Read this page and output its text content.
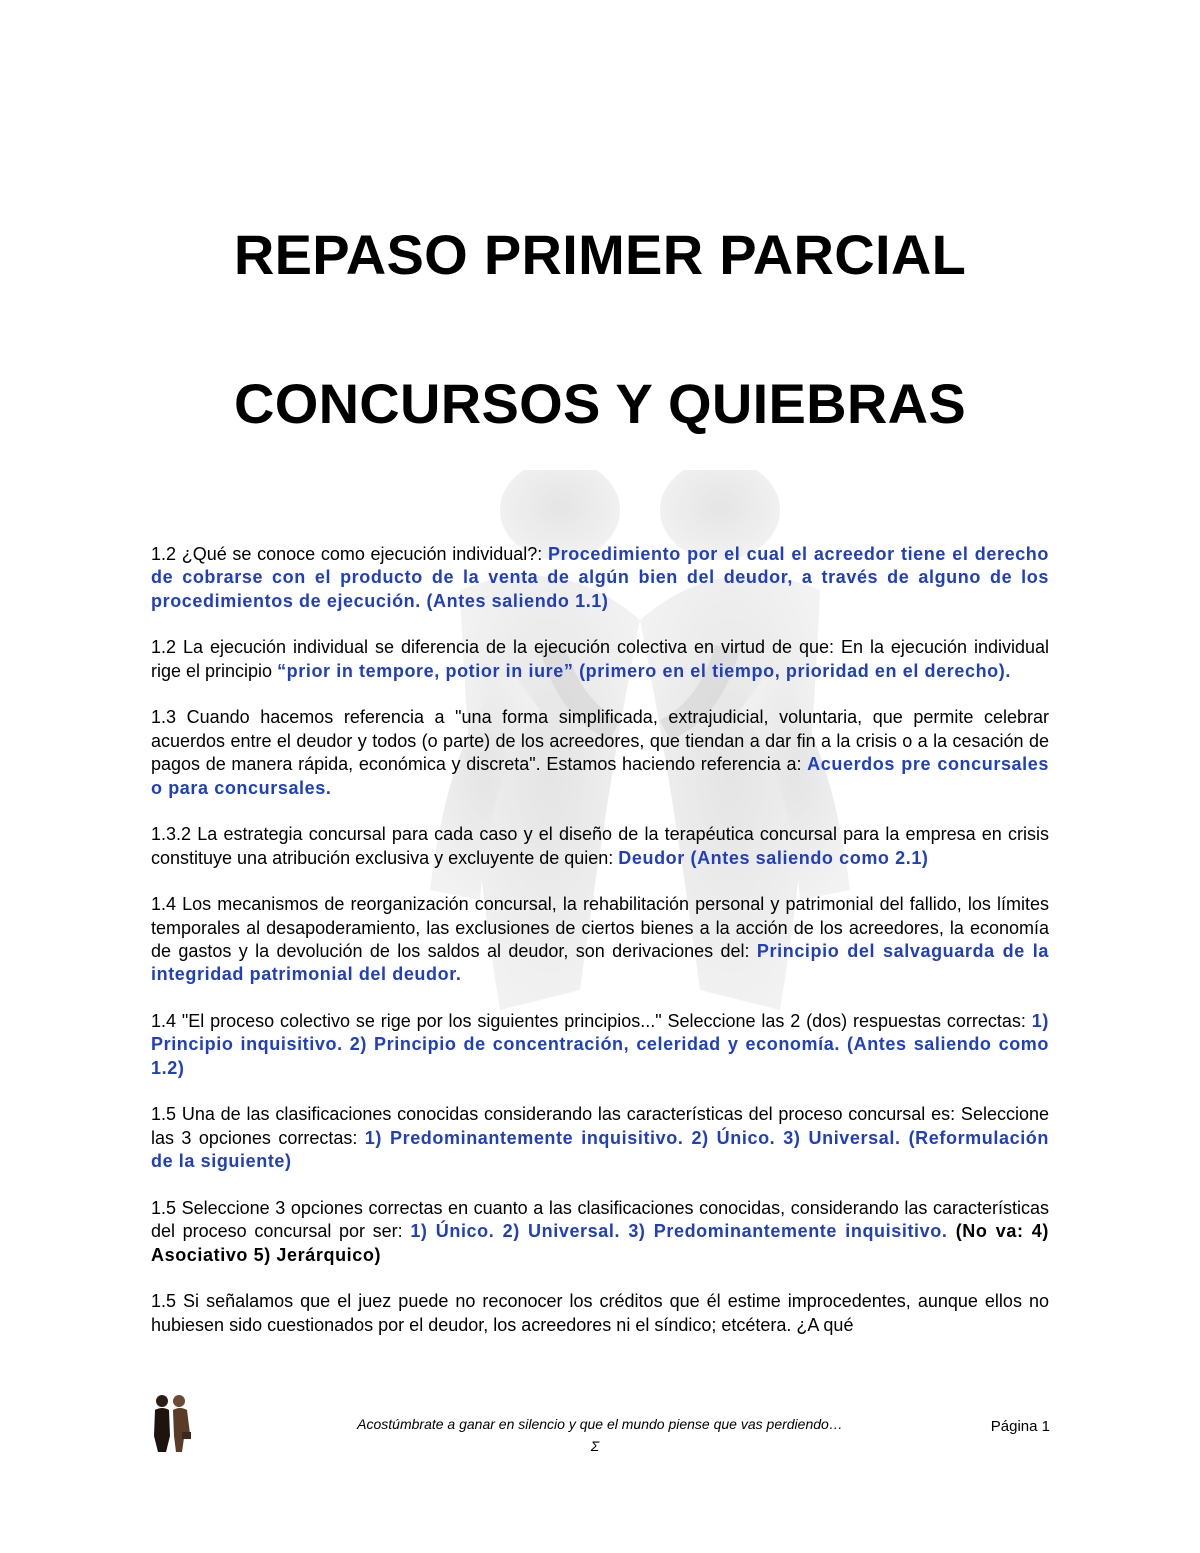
REPASO PRIMER PARCIAL
CONCURSOS Y QUIEBRAS

1.2 ¿Qué se conoce como ejecución individual?: Procedimiento por el cual el acreedor tiene el derecho de cobrarse con el producto de la venta de algún bien del deudor, a través de alguno de los procedimientos de ejecución. (Antes saliendo 1.1)

1.2 La ejecución individual se diferencia de la ejecución colectiva en virtud de que: En la ejecución individual rige el principio “prior in tempore, potior in iure” (primero en el tiempo, prioridad en el derecho).

1.3 Cuando hacemos referencia a "una forma simplificada, extrajudicial, voluntaria, que permite celebrar acuerdos entre el deudor y todos (o parte) de los acreedores, que tiendan a dar fin a la crisis o a la cesación de pagos de manera rápida, económica y discreta". Estamos haciendo referencia a: Acuerdos pre concursales o para concursales.

1.3.2 La estrategia concursal para cada caso y el diseño de la terapéutica concursal para la empresa en crisis constituye una atribución exclusiva y excluyente de quien: Deudor (Antes saliendo como 2.1)

1.4 Los mecanismos de reorganización concursal, la rehabilitación personal y patrimonial del fallido, los límites temporales al desapoderamiento, las exclusiones de ciertos bienes a la acción de los acreedores, la economía de gastos y la devolución de los saldos al deudor, son derivaciones del: Principio del salvaguarda de la integridad patrimonial del deudor.

1.4 "El proceso colectivo se rige por los siguientes principios..." Seleccione las 2 (dos) respuestas correctas: 1) Principio inquisitivo. 2) Principio de concentración, celeridad y economía. (Antes saliendo como 1.2)

1.5 Una de las clasificaciones conocidas considerando las características del proceso concursal es: Seleccione las 3 opciones correctas: 1) Predominantemente inquisitivo. 2) Único. 3) Universal. (Reformulación de la siguiente)

1.5 Seleccione 3 opciones correctas en cuanto a las clasificaciones conocidas, considerando las características del proceso concursal por ser: 1) Único. 2) Universal. 3) Predominantemente inquisitivo. (No va: 4) Asociativo 5) Jerárquico)

1.5 Si señalamos que el juez puede no reconocer los créditos que él estime improcedentes, aunque ellos no hubiesen sido cuestionados por el deudor, los acreedores ni el síndico; etcétera. ¿A qué

Acostúmbrate a ganar en silencio y que el mundo piense que vas perdiendo…
Σ
Página 1
